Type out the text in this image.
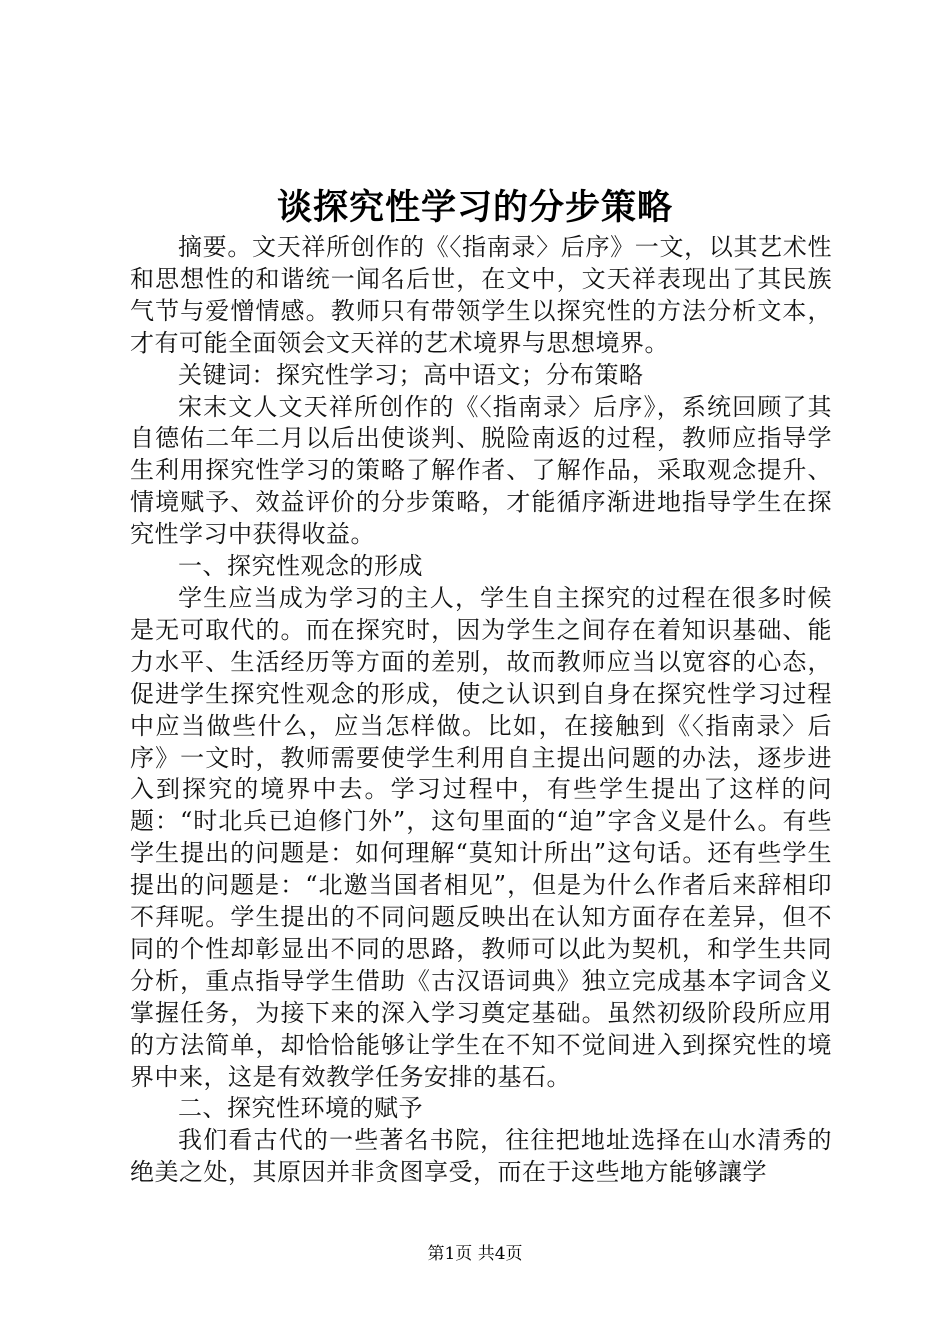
谈探究性学习的分步策略

摘要。文天祥所创作的《〈指南录〉后序》一文，以其艺术性和思想性的和谐统一闻名后世，在文中，文天祥表现出了其民族气节与爱憎情感。教师只有带领学生以探究性的方法分析文本，才有可能全面领会文天祥的艺术境界与思想境界。

关键词：探究性学习；高中语文；分布策略

宋末文人文天祥所创作的《〈指南录〉后序》，系统回顾了其自德佑二年二月以后出使谈判、脱险南返的过程，教师应指导学生利用探究性学习的策略了解作者、了解作品，采取观念提升、情境赋予、效益评价的分步策略，才能循序渐进地指导学生在探究性学习中获得收益。

一、探究性观念的形成

学生应当成为学习的主人，学生自主探究的过程在很多时候是无可取代的。而在探究时，因为学生之间存在着知识基础、能力水平、生活经历等方面的差别，故而教师应当以宽容的心态，促进学生探究性观念的形成，使之认识到自身在探究性学习过程中应当做些什么，应当怎样做。比如，在接触到《〈指南录〉后序》一文时，教师需要使学生利用自主提出问题的办法，逐步进入到探究的境界中去。学习过程中，有些学生提出了这样的问题：“时北兵已迫修门外”，这句里面的“迫”字含义是什么。有些学生提出的问题是：如何理解“莫知计所出”这句话。还有些学生提出的问题是：“北邀当国者相见”，但是为什么作者后来辞相印不拜呢。学生提出的不同问题反映出在认知方面存在差异，但不同的个性却彰显出不同的思路，教师可以此为契机，和学生共同分析，重点指导学生借助《古汉语词典》独立完成基本字词含义掌握任务，为接下来的深入学习奠定基础。虽然初级阶段所应用的方法简单，却恰恰能够让学生在不知不觉间进入到探究性的境界中来，这是有效教学任务安排的基石。

二、探究性环境的赋予

我们看古代的一些著名书院，往往把地址选择在山水清秀的绝美之处，其原因并非贪图享受，而在于这些地方能够讓学

第1页 共4页
